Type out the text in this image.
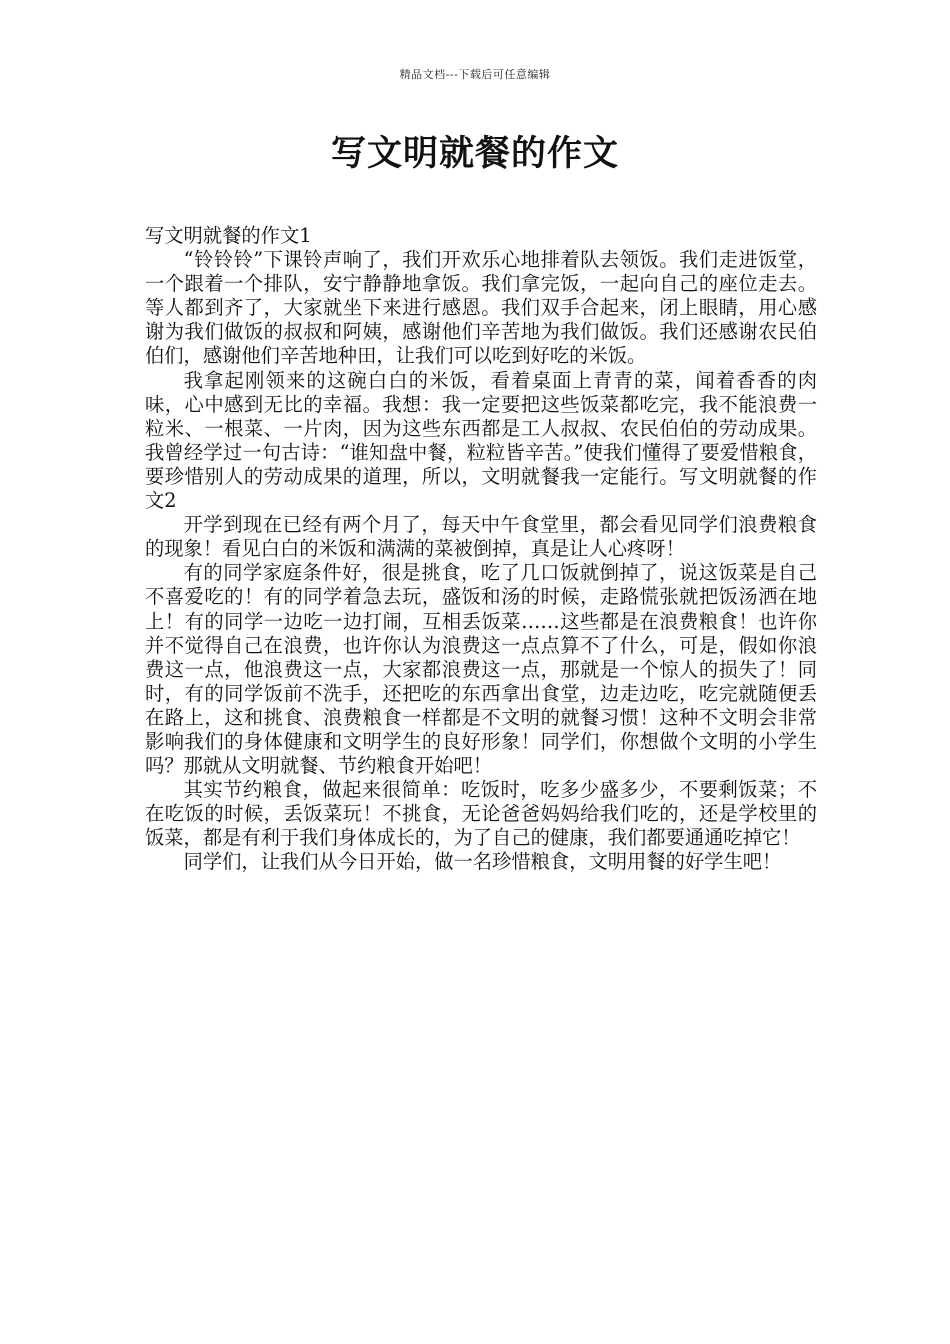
精品文档---下载后可任意编辑
写文明就餐的作文

写文明就餐的作文1

“铃铃铃”下课铃声响了，我们开欢乐心地排着队去领饭。我们走进饭堂，一个跟着一个排队，安宁静静地拿饭。我们拿完饭，一起向自己的座位走去。等人都到齐了，大家就坐下来进行感恩。我们双手合起来，闭上眼睛，用心感谢为我们做饭的叔叔和阿姨，感谢他们辛苦地为我们做饭。我们还感谢农民伯伯们，感谢他们辛苦地种田，让我们可以吃到好吃的米饭。

我拿起刚领来的这碗白白的米饭，看着桌面上青青的菜，闻着香香的肉味，心中感到无比的幸福。我想：我一定要把这些饭菜都吃完，我不能浪费一粒米、一根菜、一片肉，因为这些东西都是工人叔叔、农民伯伯的劳动成果。我曾经学过一句古诗：“谁知盘中餐，粒粒皆辛苦。”使我们懂得了要爱惜粮食，要珍惜别人的劳动成果的道理，所以，文明就餐我一定能行。写文明就餐的作文2

开学到现在已经有两个月了，每天中午食堂里，都会看见同学们浪费粮食的现象！看见白白的米饭和满满的菜被倒掉，真是让人心疼呀！

有的同学家庭条件好，很是挑食，吃了几口饭就倒掉了，说这饭菜是自己不喜爱吃的！有的同学着急去玩，盛饭和汤的时候，走路慌张就把饭汤洒在地上！有的同学一边吃一边打闹，互相丢饭菜……这些都是在浪费粮食！也许你并不觉得自己在浪费，也许你认为浪费这一点点算不了什么，可是，假如你浪费这一点，他浪费这一点，大家都浪费这一点，那就是一个惊人的损失了！同时，有的同学饭前不洗手，还把吃的东西拿出食堂，边走边吃，吃完就随便丢在路上，这和挑食、浪费粮食一样都是不文明的就餐习惯！这种不文明会非常影响我们的身体健康和文明学生的良好形象！同学们，你想做个文明的小学生吗？那就从文明就餐、节约粮食开始吧！

其实节约粮食，做起来很简单：吃饭时，吃多少盛多少，不要剩饭菜；不在吃饭的时候，丢饭菜玩！不挑食，无论爸爸妈妈给我们吃的，还是学校里的饭菜，都是有利于我们身体成长的，为了自己的健康，我们都要通通吃掉它！

同学们，让我们从今日开始，做一名珍惜粮食，文明用餐的好学生吧！
